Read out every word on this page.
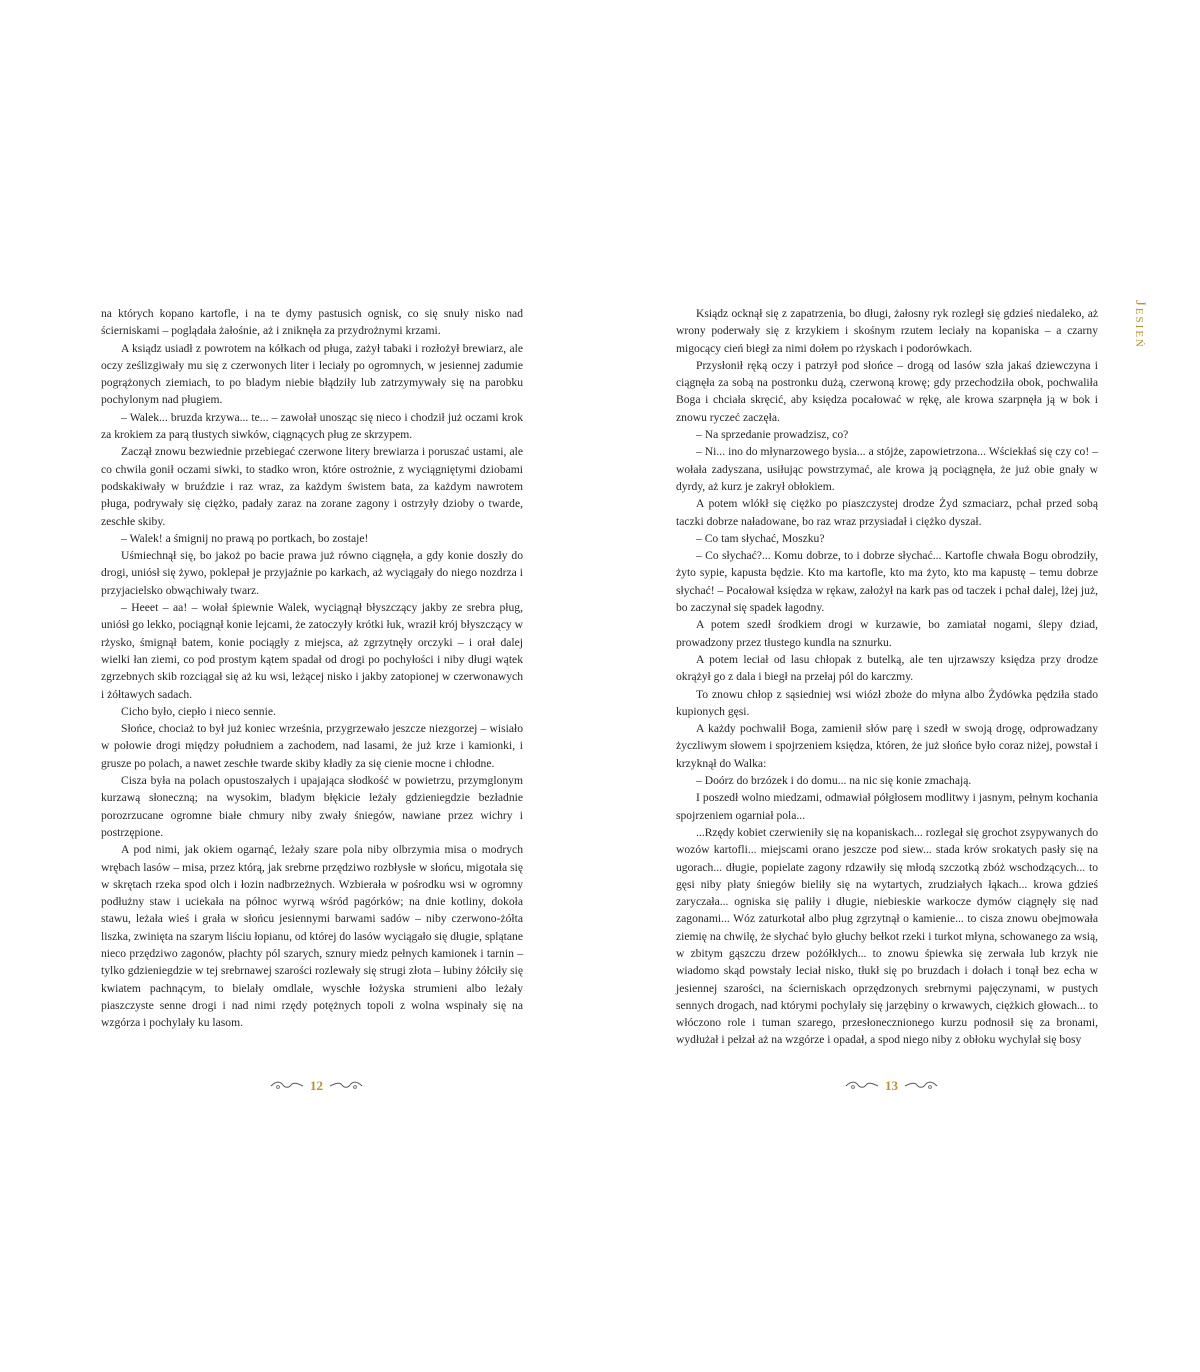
na których kopano kartofle, i na te dymy pastusich ognisk, co się snuły nisko nad ścierniskami – poglądała żałośnie, aż i zniknęła za przydrożnymi krzami.

A ksiądz usiadł z powrotem na kółkach od pługa, zażył tabaki i rozłożył brewiarz, ale oczy ześlizgiwały mu się z czerwonych liter i leciały po ogromnych, w jesiennej zadumie pogrążonych ziemiach, to po bladym niebie błądziły lub zatrzymywały się na parobku pochylonym nad pługiem.

– Walek... bruzda krzywa... te... – zawołał unosząc się nieco i chodził już oczami krok za krokiem za parą tłustych siwków, ciągnących pług ze skrzypem.

Zaczął znowu bezwiednie przebiegać czerwone litery brewiarza i poruszać ustami, ale co chwila gonił oczami siwki, to stadko wron, które ostrożnie, z wyciągniętymi dziobami podskakiwały w bruździe i raz wraz, za każdym świstem bata, za każdym nawrotem pługa, podrywały się ciężko, padały zaraz na zorane zagony i ostrzyły dzioby o twarde, zeschłe skiby.

– Walek! a śmignij no prawą po portkach, bo zostaje!

Uśmiechnął się, bo jakoż po bacie prawa już równo ciągnęła, a gdy konie doszły do drogi, uniósł się żywo, poklepał je przyjaźnie po karkach, aż wyciągały do niego nozdrza i przyjacielsko obwąchiwały twarz.

– Heeet – aa! – wołał śpiewnie Walek, wyciągnął błyszczący jakby ze srebra pług, uniósł go lekko, pociągnął konie lejcami, że zatoczyły krótki łuk, wraził krój błyszczący w rżysko, śmignął batem, konie pociągły z miejsca, aż zgrzytnęły orczyki – i orał dalej wielki łan ziemi, co pod prostym kątem spadał od drogi po pochyłości i niby długi wątek zgrzebnych skib rozciągał się aż ku wsi, leżącej nisko i jakby zatopionej w czerwonawych i żółtawych sadach.

Cicho było, ciepło i nieco sennie.

Słońce, chociaż to był już koniec września, przygrzewało jeszcze niezgorzej – wisiało w połowie drogi między południem a zachodem, nad lasami, że już krze i kamionki, i grusze po polach, a nawet zeschłe twarde skiby kładły za się cienie mocne i chłodne.

Cisza była na polach opustoszałych i upajająca słodkość w powietrzu, przymglonym kurzawą słoneczną; na wysokim, bladym błękicie leżały gdzieniegdzie bezładnie porozrzucane ogromne białe chmury niby zwały śniegów, nawiane przez wichry i postrzępione.

A pod nimi, jak okiem ogarnąć, leżały szare pola niby olbrzymia misa o modrych wrębach lasów – misa, przez którą, jak srebrne przędziwo rozbłysłe w słońcu, migotała się w skrętach rzeka spod olch i łozin nadbrzeżnych. Wzbierała w pośrodku wsi w ogromny podłużny staw i uciekała na północ wyrwą wśród pagórków; na dnie kotliny, dokoła stawu, leżała wieś i grała w słońcu jesiennymi barwami sadów – niby czerwono-żółta liszka, zwinięta na szarym liściu łopianu, od której do lasów wyciągało się długie, splątane nieco przędziwo zagonów, płachty pól szarych, sznury miedz pełnych kamionek i tarnin – tylko gdzieniegdzie w tej srebrnawej szarości rozlewały się strugi złota – łubiny żółciły się kwiatem pachnącym, to bielały omdlałe, wyschłe łożyska strumieni albo leżały piaszczyste senne drogi i nad nimi rzędy potężnych topoli z wolna wspinały się na wzgórza i pochylały ku lasom.

12

Ksiądz ocknął się z zapatrzenia, bo długi, żałosny ryk rozległ się gdzieś niedaleko, aż wrony poderwały się z krzykiem i skośnym rzutem leciały na kopaniska – a czarny migocący cień biegł za nimi dołem po rżyskach i podorówkach.

Przysłonił ręką oczy i patrzył pod słońce – drogą od lasów szła jakaś dziewczyna i ciągnęła za sobą na postronku dużą, czerwoną krowę; gdy przechodziła obok, pochwaliła Boga i chciała skręcić, aby księdza pocałować w rękę, ale krowa szarpnęła ją w bok i znowu ryczeć zaczęła.

– Na sprzedanie prowadzisz, co?

– Ni... ino do młynarzowego bysia... a stójże, zapowietrzona... Wściekłaś się czy co! – wołała zadyszana, usiłując powstrzymać, ale krowa ją pociągnęła, że już obie gnały w dyrdy, aż kurz je zakrył obłokiem.

A potem wlókł się ciężko po piaszczystej drodze Żyd szmaciarz, pchał przed sobą taczki dobrze naładowane, bo raz wraz przysiadał i ciężko dyszał.

– Co tam słychać, Moszku?

– Co słychać?... Komu dobrze, to i dobrze słychać... Kartofle chwała Bogu obrodziły, żyto sypie, kapusta będzie. Kto ma kartofle, kto ma żyto, kto ma kapustę – temu dobrze słychać! – Pocałował księdza w rękaw, założył na kark pas od taczek i pchał dalej, lżej już, bo zaczynał się spadek łagodny.

A potem szedł środkiem drogi w kurzawie, bo zamiatał nogami, ślepy dziad, prowadzony przez tłustego kundla na sznurku.

A potem leciał od lasu chłopak z butelką, ale ten ujrzawszy księdza przy drodze okrążył go z dala i biegł na przełaj pól do karczmy.

To znowu chłop z sąsiedniej wsi wiózł zboże do młyna albo Żydówka pędziła stado kupionych gęsi.

A każdy pochwalił Boga, zamienił słów parę i szedł w swoją drogę, odprowadzany życzliwym słowem i spojrzeniem księdza, któren, że już słońce było coraz niżej, powstał i krzyknął do Walka:

– Doórz do brzózek i do domu... na nic się konie zmachają.

I poszedł wolno miedzami, odmawiał półgłosem modlitwy i jasnym, pełnym kochania spojrzeniem ogarniał pola...

...Rzędy kobiet czerwieniły się na kopaniskach... rozlegał się grochot zsypywanych do wozów kartofli... miejscami orano jeszcze pod siew... stada krów srokatych pasły się na ugorach... długie, popielate zagony rdzawiły się młodą szczotką zbóż wschodzących... to gęsi niby płaty śniegów bieliły się na wytartych, zrudziałych łąkach... krowa gdzieś zaryczała... ogniska się paliły i długie, niebieskie warkocze dymów ciągnęły się nad zagonami... Wóz zaturkotał albo pług zgrzytnął o kamienie... to cisza znowu obejmowała ziemię na chwilę, że słychać było głuchy bełkot rzeki i turkot młyna, schowanego za wsią, w zbitym gąszczu drzew pożółkłych... to znowu śpiewka się zerwała lub krzyk nie wiadomo skąd powstały leciał nisko, tłukł się po bruzdach i dołach i tonął bez echa w jesiennej szarości, na ścierniskach oprzędzonych srebrnymi pajęczynami, w pustych sennych drogach, nad którymi pochylały się jarzębiny o krwawych, ciężkich głowach... to włóczono role i tuman szarego, przesłonecznionego kurzu podnosił się za bronami, wydłużał i pełzał aż na wzgórze i opadał, a spod niego niby z obłoku wychylał się bosy

13
Jesień
